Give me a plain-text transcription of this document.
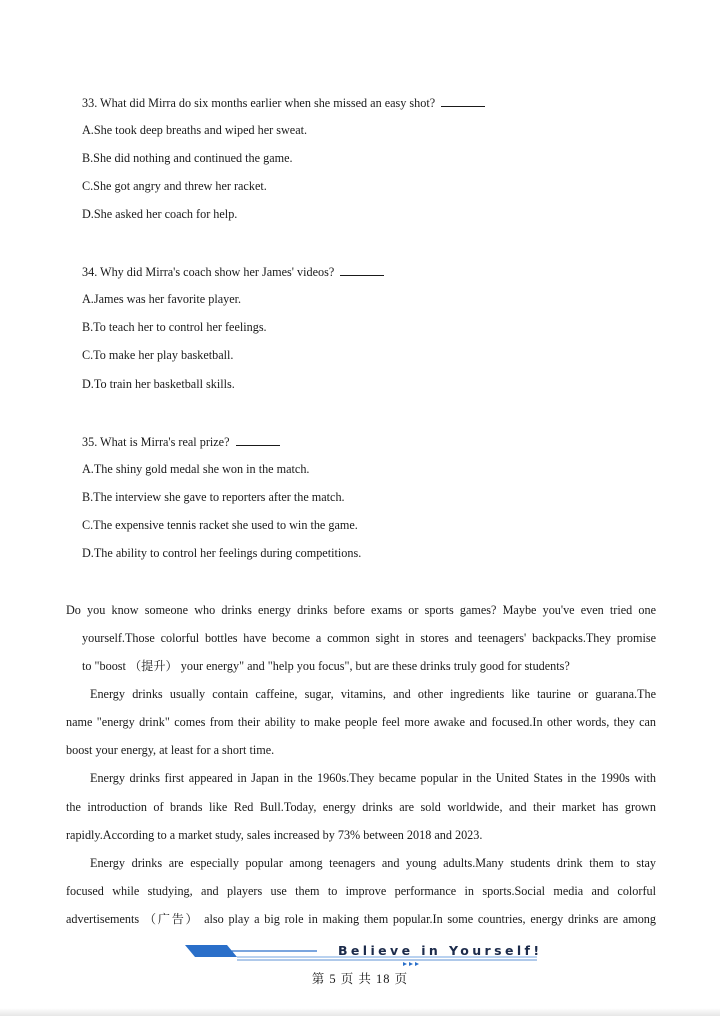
33. What did Mirra do six months earlier when she missed an easy shot?
A.She took deep breaths and wiped her sweat.
B.She did nothing and continued the game.
C.She got angry and threw her racket.
D.She asked her coach for help.
34. Why did Mirra's coach show her James' videos?
A.James was her favorite player.
B.To teach her to control her feelings.
C.To make her play basketball.
D.To train her basketball skills.
35. What is Mirra's real prize?
A.The shiny gold medal she won in the match.
B.The interview she gave to reporters after the match.
C.The expensive tennis racket she used to win the game.
D.The ability to control her feelings during competitions.
Do you know someone who drinks energy drinks before exams or sports games? Maybe you've even tried one
yourself.Those colorful bottles have become a common sight in stores and teenagers' backpacks.They promise
to "boost （提升） your energy" and "help you focus", but are these drinks truly good for students?
Energy drinks usually contain caffeine, sugar, vitamins, and other ingredients like taurine or guarana.The
name "energy drink" comes from their ability to make people feel more awake and focused.In other words, they can
boost your energy, at least for a short time.
Energy drinks first appeared in Japan in the 1960s.They became popular in the United States in the 1990s with
the introduction of brands like Red Bull.Today, energy drinks are sold worldwide, and their market has grown
rapidly.According to a market study, sales increased by 73% between 2018 and 2023.
Energy drinks are especially popular among teenagers and young adults.Many students drink them to stay
focused while studying, and players use them to improve performance in sports.Social media and colorful
advertisements （广告） also play a big role in making them popular.In some countries, energy drinks are among
Believe in Yourself!
第 5 页 共 18 页
